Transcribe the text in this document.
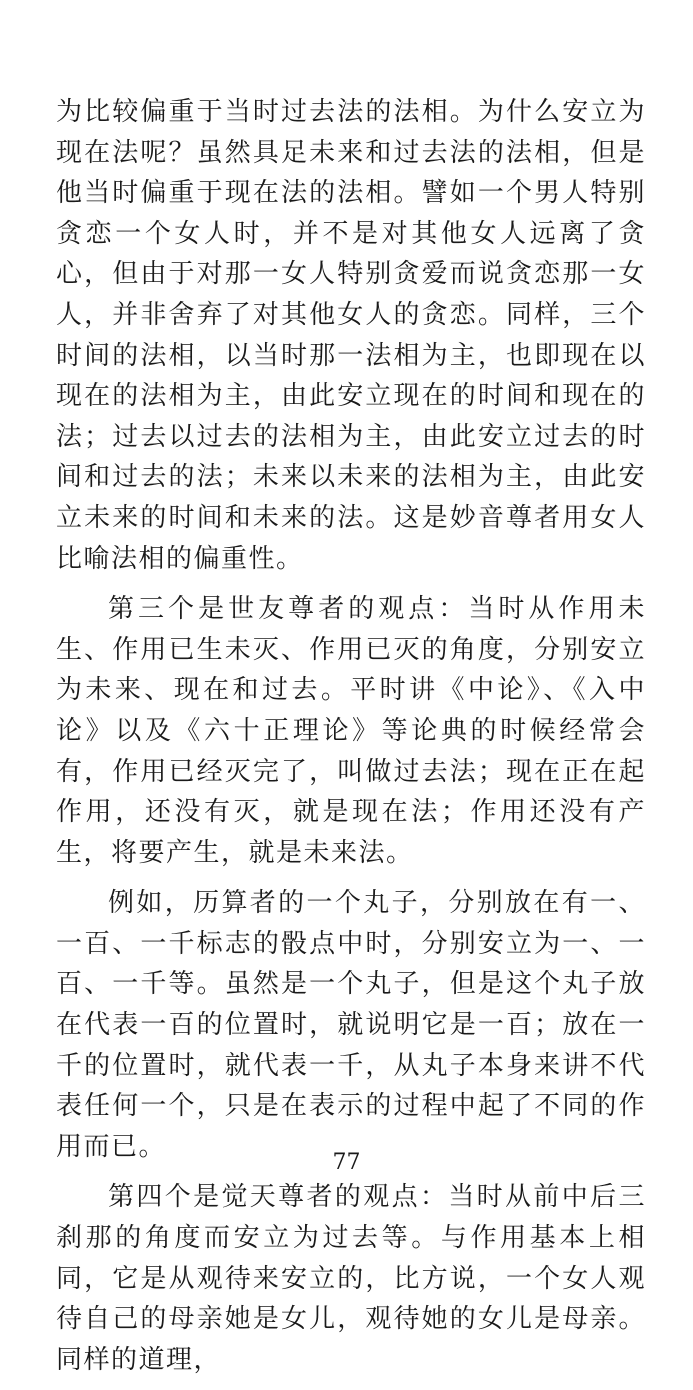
为比较偏重于当时过去法的法相。为什么安立为现在法呢？虽然具足未来和过去法的法相，但是他当时偏重于现在法的法相。譬如一个男人特别贪恋一个女人时，并不是对其他女人远离了贪心，但由于对那一女人特别贪爱而说贪恋那一女人，并非舍弃了对其他女人的贪恋。同样，三个时间的法相，以当时那一法相为主，也即现在以现在的法相为主，由此安立现在的时间和现在的法；过去以过去的法相为主，由此安立过去的时间和过去的法；未来以未来的法相为主，由此安立未来的时间和未来的法。这是妙音尊者用女人比喻法相的偏重性。

第三个是世友尊者的观点：当时从作用未生、作用已生未灭、作用已灭的角度，分别安立为未来、现在和过去。平时讲《中论》、《入中论》以及《六十正理论》等论典的时候经常会有，作用已经灭完了，叫做过去法；现在正在起作用，还没有灭，就是现在法；作用还没有产生，将要产生，就是未来法。

例如，历算者的一个丸子，分别放在有一、一百、一千标志的骰点中时，分别安立为一、一百、一千等。虽然是一个丸子，但是这个丸子放在代表一百的位置时，就说明它是一百；放在一千的位置时，就代表一千，从丸子本身来讲不代表任何一个，只是在表示的过程中起了不同的作用而已。

第四个是觉天尊者的观点：当时从前中后三刹那的角度而安立为过去等。与作用基本上相同，它是从观待来安立的，比方说，一个女人观待自己的母亲她是女儿，观待她的女儿是母亲。同样的道理，

77
